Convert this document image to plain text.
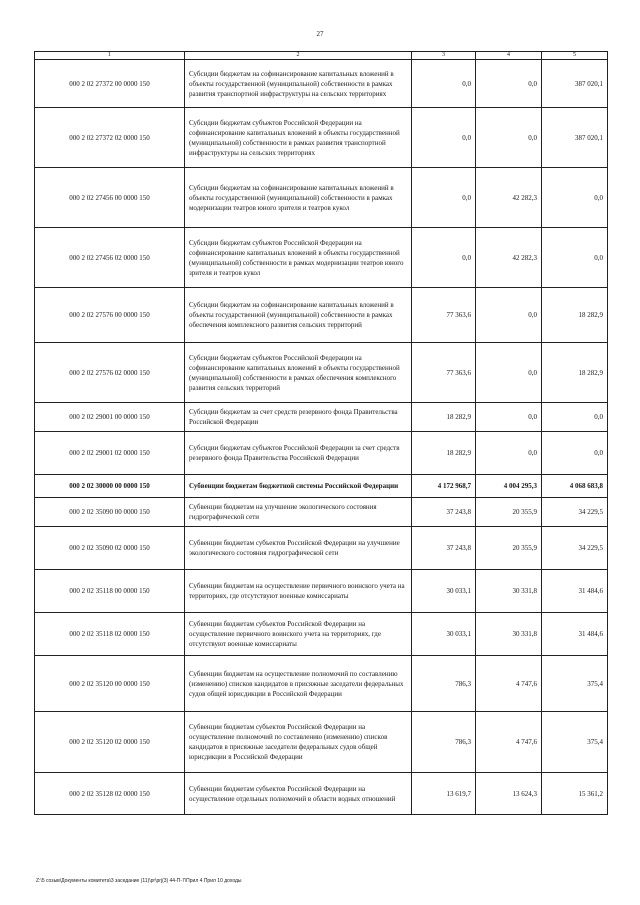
27
1	2	3	4	5
000 2 02 27372 00 0000 150	Субсидии бюджетам на софинансирование капитальных вложений в объекты государственной (муниципальной) собственности в рамках развития транспортной инфраструктуры на сельских территориях	0,0	0,0	387 020,1
000 2 02 27372 02 0000 150	Субсидии бюджетам субъектов Российской Федерации на софинансирование капитальных вложений в объекты государственной (муниципальной) собственности в рамках развития транспортной инфраструктуры на сельских территориях	0,0	0,0	387 020,1
000 2 02 27456 00 0000 150	Субсидии бюджетам на софинансирование капитальных вложений в объекты государственной (муниципальной) собственности в рамках модернизации театров юного зрителя и театров кукол	0,0	42 282,3	0,0
000 2 02 27456 02 0000 150	Субсидии бюджетам субъектов Российской Федерации на софинансирование капитальных вложений в объекты государственной (муниципальной) собственности в рамках модернизации театров юного зрителя и театров кукол	0,0	42 282,3	0,0
000 2 02 27576 00 0000 150	Субсидии бюджетам на софинансирование капитальных вложений в объекты государственной (муниципальной) собственности в рамках обеспечения комплексного развития сельских территорий	77 363,6	0,0	18 282,9
000 2 02 27576 02 0000 150	Субсидии бюджетам субъектов Российской Федерации на софинансирование капитальных вложений в объекты государственной (муниципальной) собственности в рамках обеспечения комплексного развития сельских территорий	77 363,6	0,0	18 282,9
000 2 02 29001 00 0000 150	Субсидии бюджетам за счет средств резервного фонда Правительства Российской Федерации	18 282,9	0,0	0,0
000 2 02 29001 02 0000 150	Субсидии бюджетам субъектов Российской Федерации за счет средств резервного фонда Правительства Российской Федерации	18 282,9	0,0	0,0
000 2 02 30000 00 0000 150	Субвенции бюджетам бюджетной системы Российской Федерации	4 172 968,7	4 004 295,3	4 068 683,8
000 2 02 35090 00 0000 150	Субвенции бюджетам на улучшение экологического состояния гидрографической сети	37 243,8	20 355,9	34 229,5
000 2 02 35090 02 0000 150	Субвенции бюджетам субъектов Российской Федерации на улучшение экологического состояния гидрографической сети	37 243,8	20 355,9	34 229,5
000 2 02 35118 00 0000 150	Субвенции бюджетам на осуществление первичного воинского учета на территориях, где отсутствуют военные комиссариаты	30 033,1	30 331,8	31 484,6
000 2 02 35118 02 0000 150	Субвенции бюджетам субъектов Российской Федерации на осуществление первичного воинского учета на территориях, где отсутствуют военные комиссариаты	30 033,1	30 331,8	31 484,6
000 2 02 35120 00 0000 150	Субвенции бюджетам на осуществление полномочий по составлению (изменению) списков кандидатов в присяжные заседатели федеральных судов общей юрисдикции в Российской Федерации	786,3	4 747,6	375,4
000 2 02 35120 02 0000 150	Субвенции бюджетам субъектов Российской Федерации на осуществление полномочий по составлению (изменению) списков кандидатов в присяжные заседатели федеральных судов общей юрисдикции в Российской Федерации	786,3	4 747,6	375,4
000 2 02 35128 02 0000 150	Субвенции бюджетам субъектов Российской Федерации на осуществление отдельных полномочий в области водных отношений	13 619,7	13 624,3	15 361,2
Z:\5 созыв\Документы комитета\3 заседание (11)\pr\prj(3) 44-П-7\Прил 4 Прил 10 доходы
